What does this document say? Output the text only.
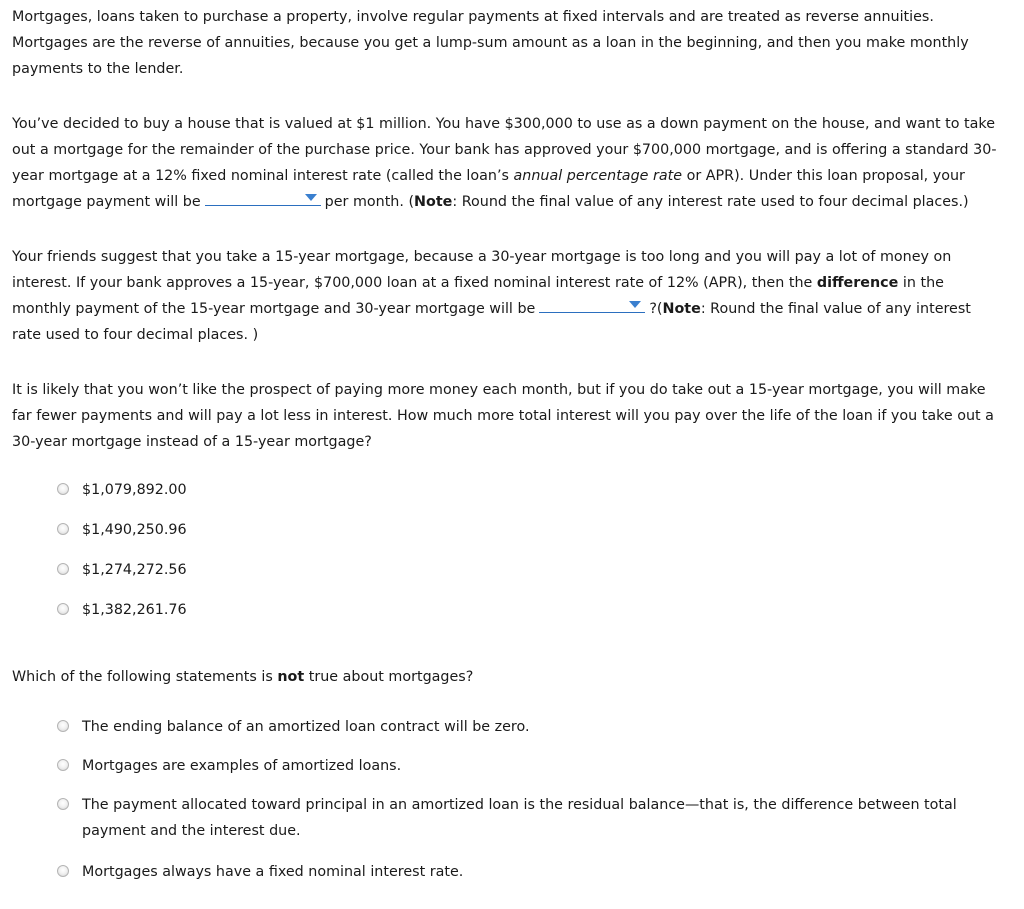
Mortgages, loans taken to purchase a property, involve regular payments at fixed intervals and are treated as reverse annuities. Mortgages are the reverse of annuities, because you get a lump-sum amount as a loan in the beginning, and then you make monthly payments to the lender.

You’ve decided to buy a house that is valued at $1 million. You have $300,000 to use as a down payment on the house, and want to take out a mortgage for the remainder of the purchase price. Your bank has approved your $700,000 mortgage, and is offering a standard 30-year mortgage at a 12% fixed nominal interest rate (called the loan’s annual percentage rate or APR). Under this loan proposal, your mortgage payment will be	per month. (Note: Round the final value of any interest rate used to four decimal places.)

Your friends suggest that you take a 15-year mortgage, because a 30-year mortgage is too long and you will pay a lot of money on interest. If your bank approves a 15-year, $700,000 loan at a fixed nominal interest rate of 12% (APR), then the difference in the monthly payment of the 15-year mortgage and 30-year mortgage will be	?(Note: Round the final value of any interest rate used to four decimal places. )

It is likely that you won’t like the prospect of paying more money each month, but if you do take out a 15-year mortgage, you will make far fewer payments and will pay a lot less in interest. How much more total interest will you pay over the life of the loan if you take out a 30-year mortgage instead of a 15-year mortgage?

$1,079,892.00
$1,490,250.96
$1,274,272.56
$1,382,261.76

Which of the following statements is not true about mortgages?

The ending balance of an amortized loan contract will be zero.
Mortgages are examples of amortized loans.
The payment allocated toward principal in an amortized loan is the residual balance—that is, the difference between total payment and the interest due.
Mortgages always have a fixed nominal interest rate.
